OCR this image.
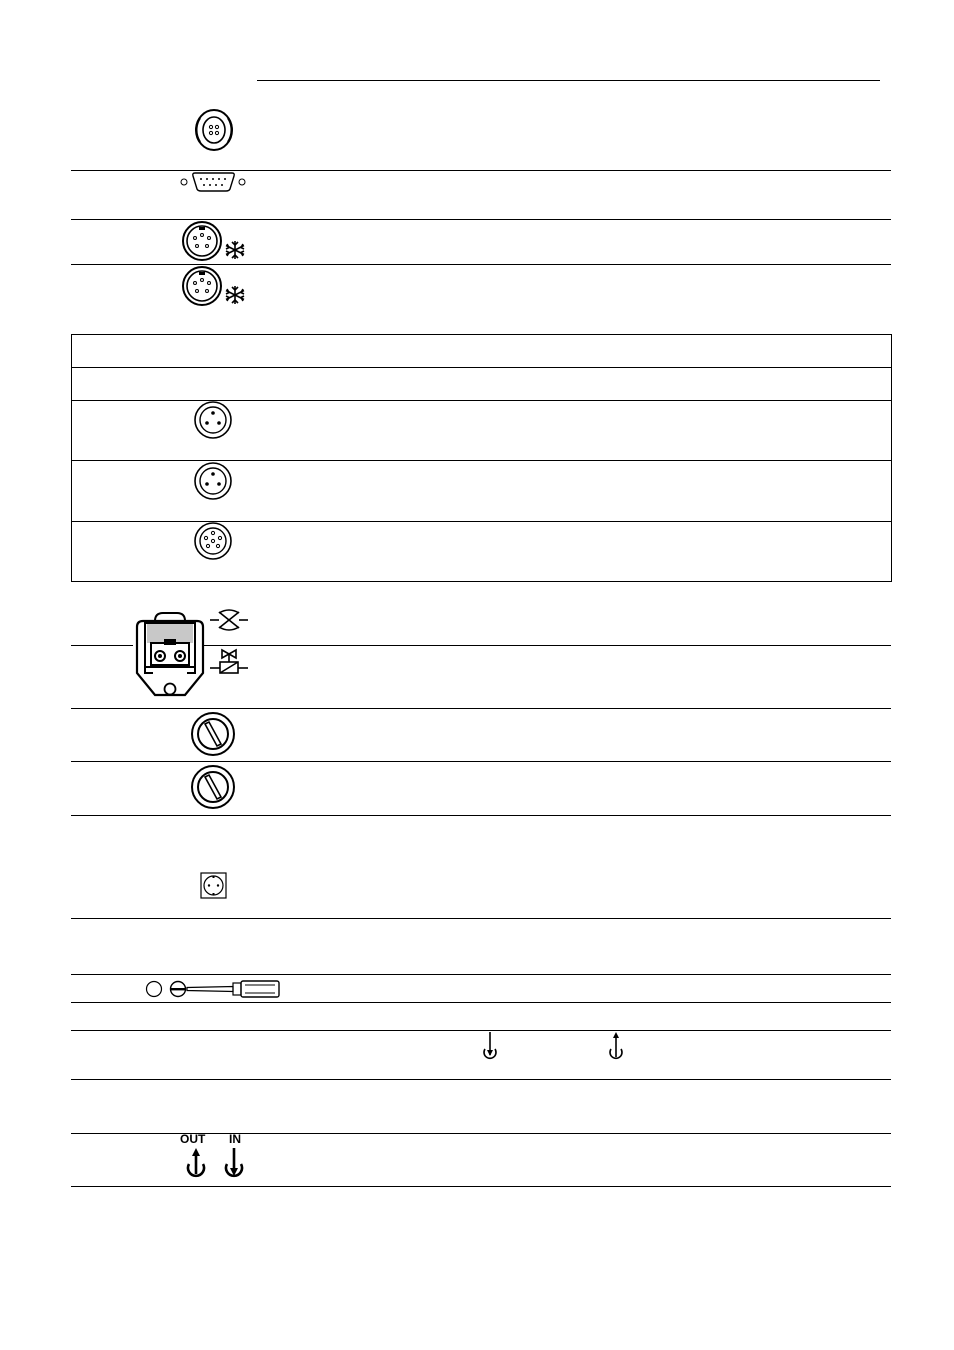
OUT IN
